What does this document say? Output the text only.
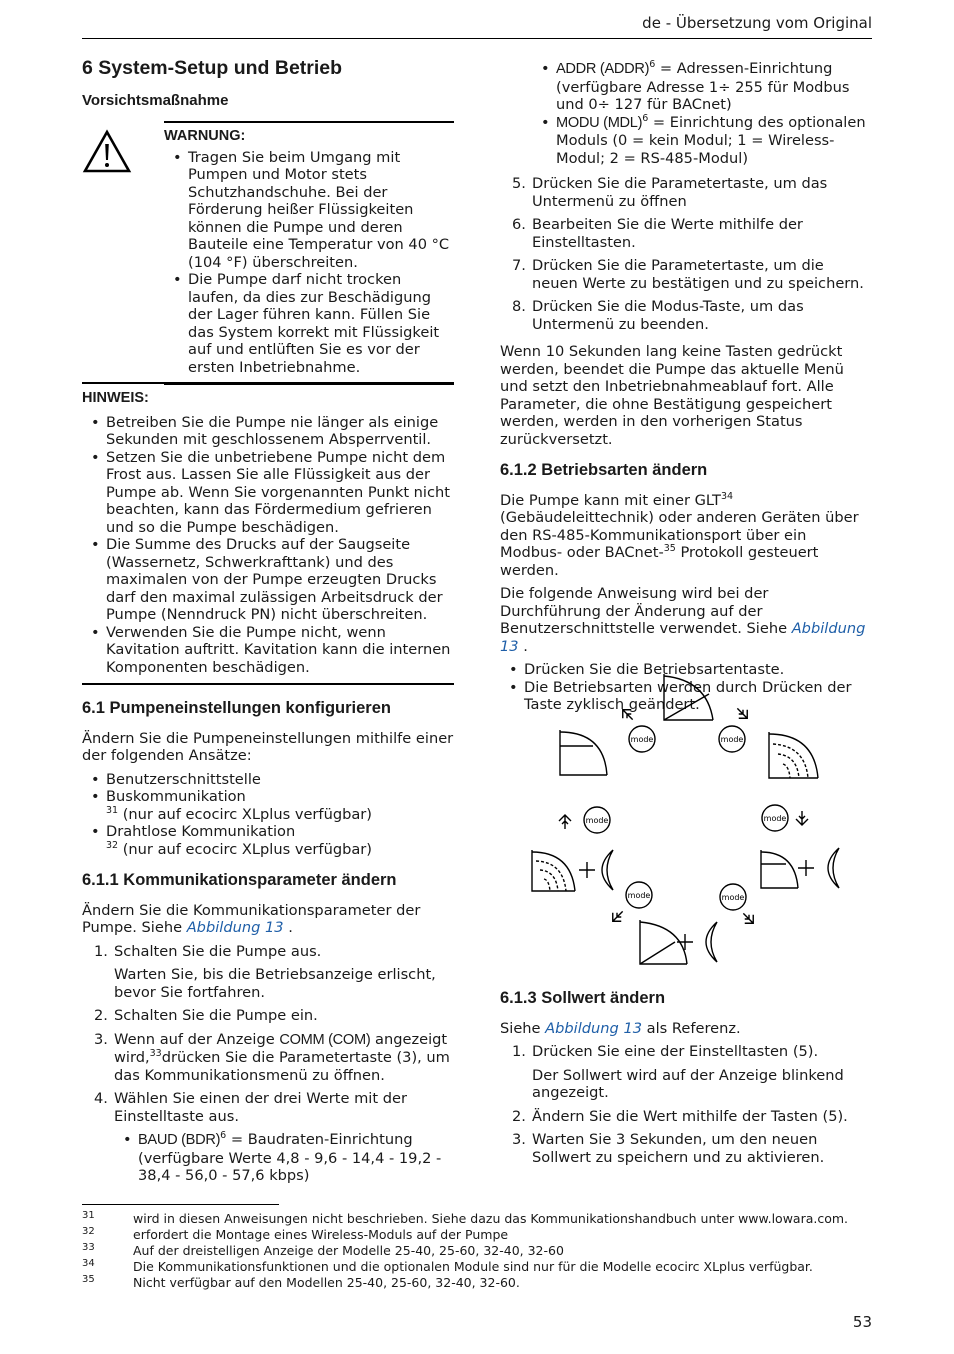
de - Übersetzung vom Original
6 System-Setup und Betrieb
Vorsichtsmaßnahme
WARNUNG:
• Tragen Sie beim Umgang mit Pumpen und Motor stets Schutzhandschuhe. Bei der Förderung heißer Flüssigkeiten können die Pumpe und deren Bauteile eine Temperatur von 40 °C (104 °F) überschreiten.
• Die Pumpe darf nicht trocken laufen, da dies zur Beschädigung der Lager führen kann. Füllen Sie das System korrekt mit Flüssigkeit auf und entlüften Sie es vor der ersten Inbetriebnahme.
HINWEIS:
• Betreiben Sie die Pumpe nie länger als einige Sekunden mit geschlossenem Absperrventil.
• Setzen Sie die unbetriebene Pumpe nicht dem Frost aus. Lassen Sie alle Flüssigkeit aus der Pumpe ab. Wenn Sie vorgenannten Punkt nicht beachten, kann das Fördermedium gefrieren und so die Pumpe beschädigen.
• Die Summe des Drucks auf der Saugseite (Wassernetz, Schwerkrafttank) und des maximalen von der Pumpe erzeugten Drucks darf den maximal zulässigen Arbeitsdruck der Pumpe (Nenndruck PN) nicht überschreiten.
• Verwenden Sie die Pumpe nicht, wenn Kavitation auftritt. Kavitation kann die internen Komponenten beschädigen.
6.1 Pumpeneinstellungen konfigurieren

Ändern Sie die Pumpeneinstellungen mithilfe einer der folgenden Ansätze:

• Benutzerschnittstelle
• Buskommunikation
$^{31}$ (nur auf ecocirc XLplus verfügbar)
• Drahtlose Kommunikation
$^{32}$ (nur auf ecocirc XLplus verfügbar)
6.1.1 Kommunikationsparameter ändern

Ändern Sie die Kommunikationsparameter der Pumpe. Siehe Abbildung 13 .

1. Schalten Sie die Pumpe aus.
Warten Sie, bis die Betriebsanzeige erlischt, bevor Sie fortfahren.
2. Schalten Sie die Pumpe ein.
3. Wenn auf der Anzeige COMM (COM) angezeigt wird,$^{33}$drücken Sie die Parametertaste (3), um das Kommunikationsmenü zu öffnen.
4. Wählen Sie einen der drei Werte mit der Einstelltaste aus.
• BAUD (BDR)$^6$ = Baudraten-Einrichtung (verfügbare Werte 4,8 - 9,6 - 14,4 - 19,2 - 38,4 - 56,0 - 57,6 kbps)
• ADDR (ADDR)$^6$ = Adressen-Einrichtung (verfügbare Adresse 1÷ 255 für Modbus und 0÷ 127 für BACnet)
• MODU (MDL)$^6$ = Einrichtung des optionalen Moduls (0 = kein Modul; 1 = Wireless-Modul; 2 = RS-485-Modul)
5. Drücken Sie die Parametertaste, um das Untermenü zu öffnen
6. Bearbeiten Sie die Werte mithilfe der Einstelltasten.
7. Drücken Sie die Parametertaste, um die neuen Werte zu bestätigen und zu speichern.
8. Drücken Sie die Modus-Taste, um das Untermenü zu beenden.

Wenn 10 Sekunden lang keine Tasten gedrückt werden, beendet die Pumpe das aktuelle Menü und setzt den Inbetriebnahmeablauf fort. Alle Parameter, die ohne Bestätigung gespeichert werden, werden in den vorherigen Status zurückversetzt.

6.1.2 Betriebsarten ändern

Die Pumpe kann mit einer GLT$^{34}$ (Gebäudeleittechnik) oder anderen Geräten über den RS-485-Kommunikationsport über ein Modbus- oder BACnet-$^{35}$ Protokoll gesteuert werden.

Die folgende Anweisung wird bei der Durchführung der Änderung auf der Benutzerschnittstelle verwendet. Siehe Abbildung 13 .

• Drücken Sie die Betriebsartentaste.
• Die Betriebsarten werden durch Drücken der Taste zyklisch geändert.
6.1.3 Sollwert ändern

Siehe Abbildung 13 als Referenz.

1. Drücken Sie eine der Einstelltasten (5).
Der Sollwert wird auf der Anzeige blinkend angezeigt.
2. Ändern Sie die Wert mithilfe der Tasten (5).
3. Warten Sie 3 Sekunden, um den neuen Sollwert zu speichern und zu aktivieren.
mode	mode
mode	mode
mode	mode
31	wird in diesen Anweisungen nicht beschrieben. Siehe dazu das Kommunikationshandbuch unter www.lowara.com.
32	erfordert die Montage eines Wireless-Moduls auf der Pumpe
33	Auf der dreistelligen Anzeige der Modelle 25-40, 25-60, 32-40, 32-60
34	Die Kommunikationsfunktionen und die optionalen Module sind nur für die Modelle ecocirc XLplus verfügbar.
35	Nicht verfügbar auf den Modellen 25-40, 25-60, 32-40, 32-60.
53
